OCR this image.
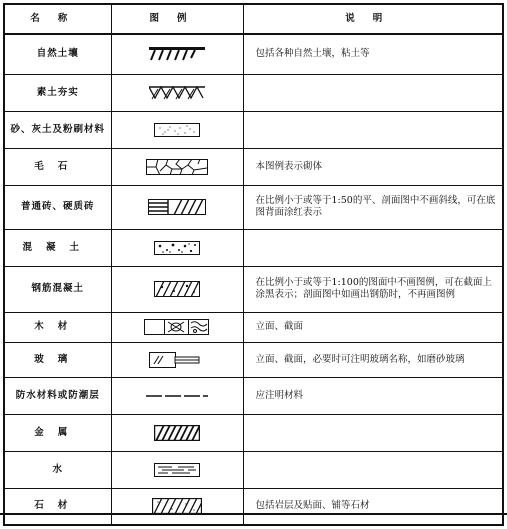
名称	图例	说明
自然土壤		包括各种自然土壤，粘土等
素土夯实	

砂、灰土及粉刷材料	

毛石		本图例表示砌体
普通砖、硬质砖		在比例小于或等于1:50的平、剖面图中不画斜线，可在底图背面涂红表示
混凝土	

钢筋混凝土		在比例小于或等于1:100的图面中不画图例，可在截面上涂黑表示；剖面图中如画出钢筋时，不再画图例
木材		立面、截面
玻璃		立面、截面，必要时可注明玻璃名称，如磨砂玻璃
防水材料或防潮层		应注明材料
金属	

水	

石材		包括岩层及贴面、铺等石材
